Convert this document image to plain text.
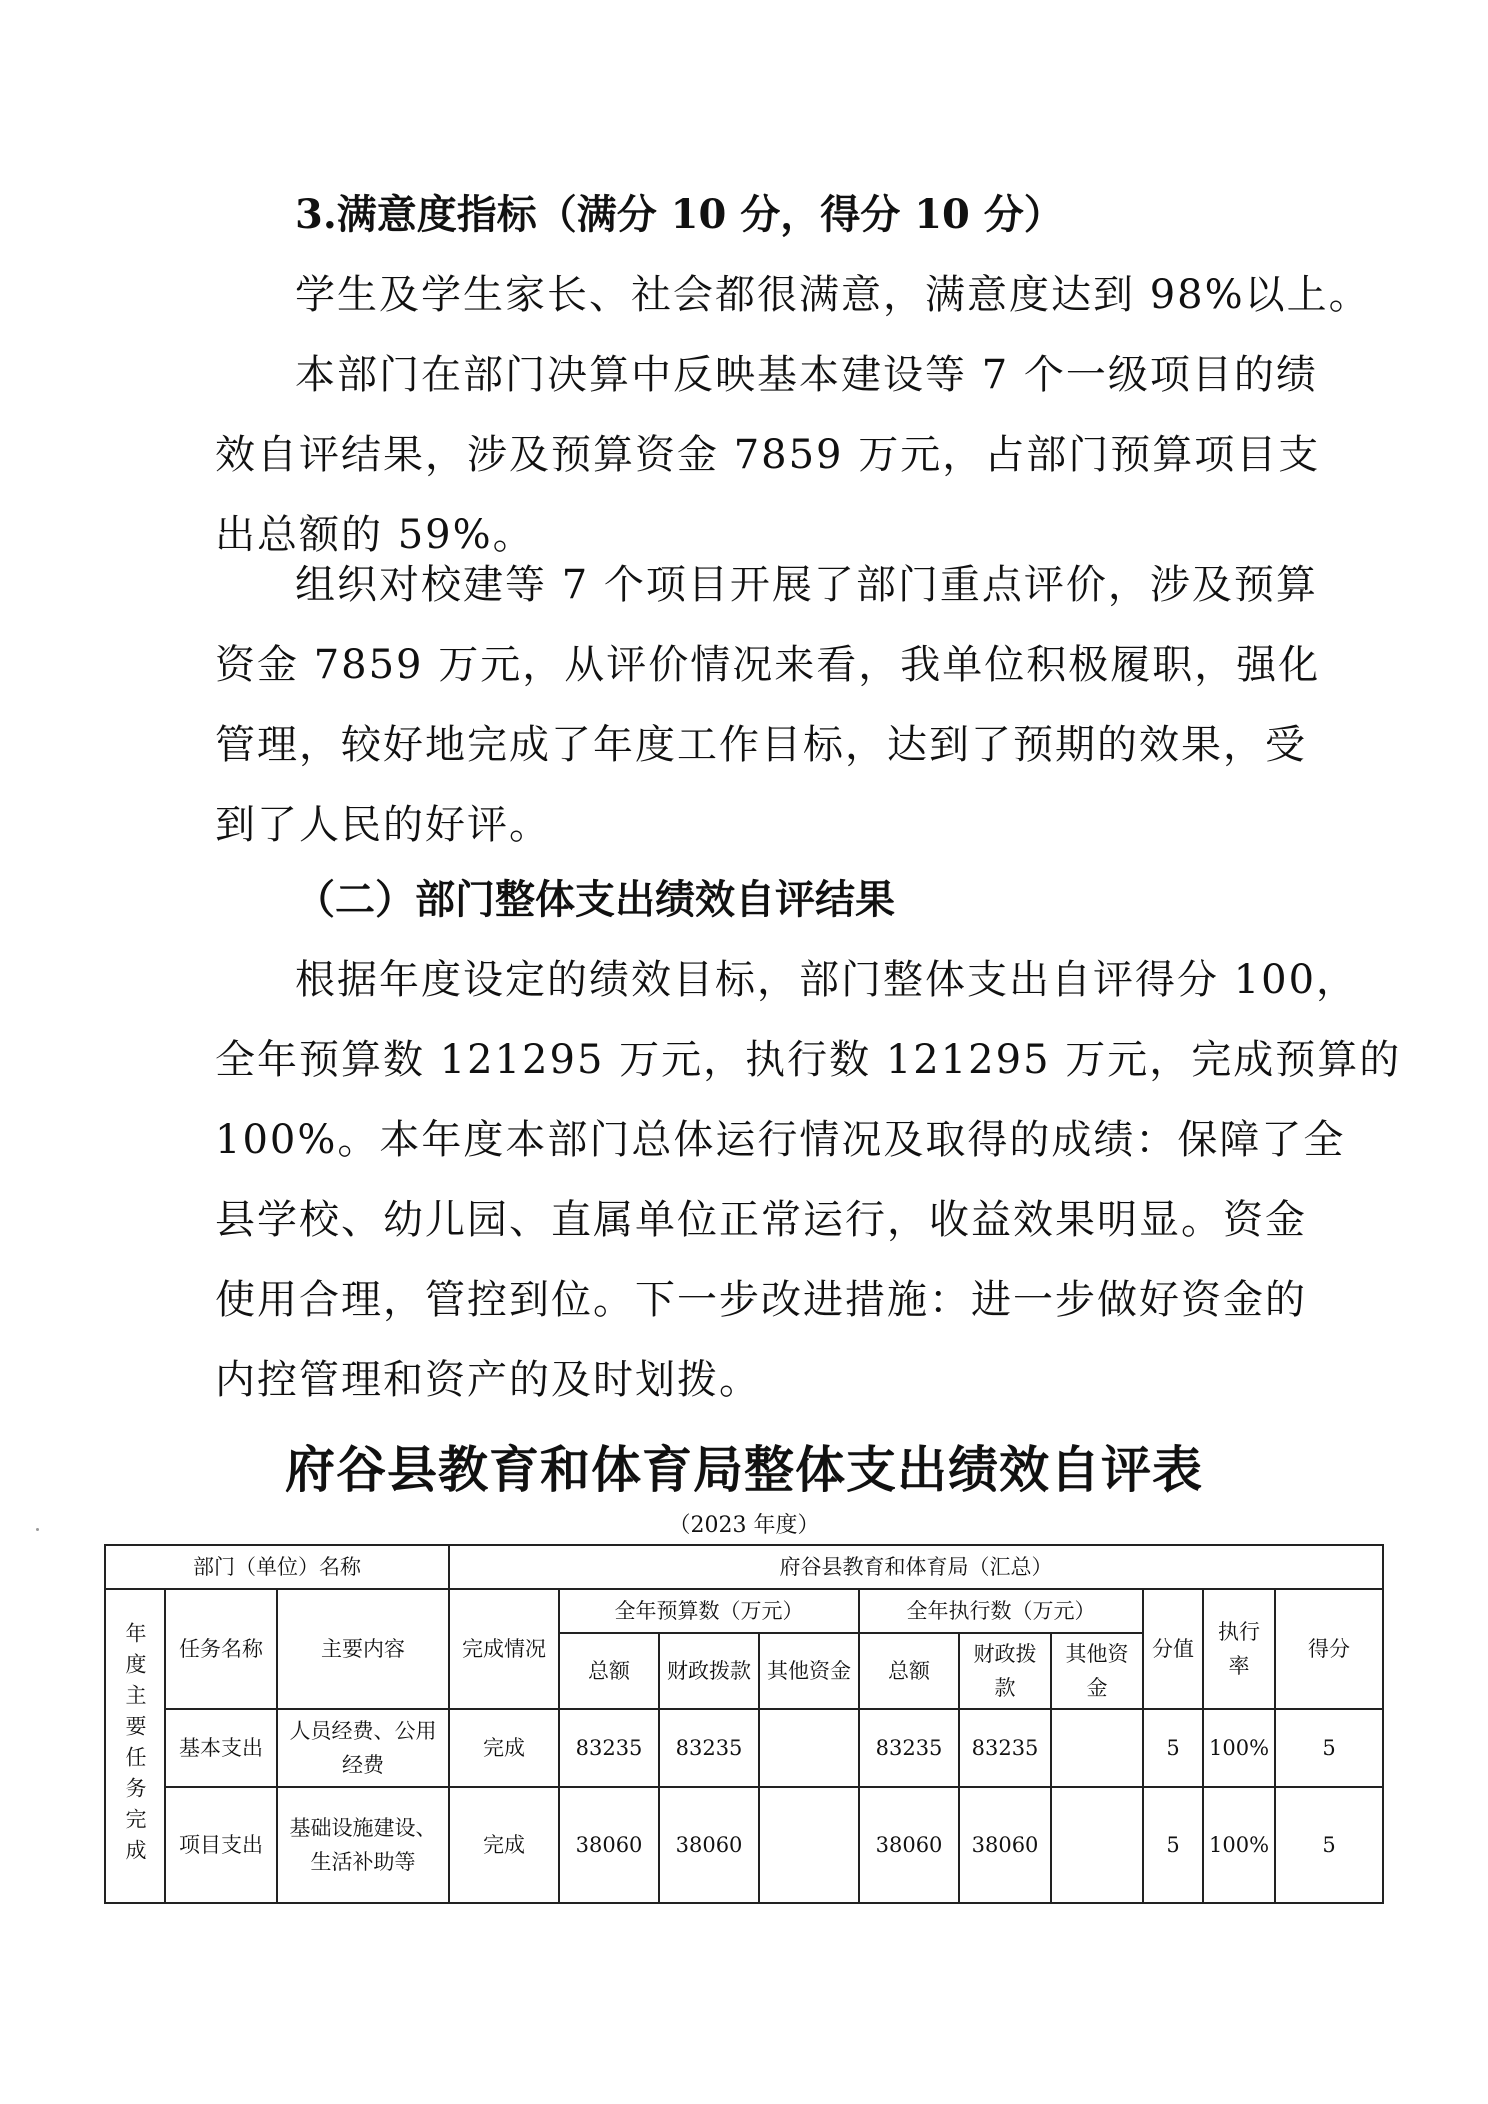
3.满意度指标（满分 10 分，得分 10 分）
学生及学生家长、社会都很满意，满意度达到 98%以上。
本部门在部门决算中反映基本建设等 7 个一级项目的绩
效自评结果，涉及预算资金 7859 万元，占部门预算项目支
出总额的 59%。
组织对校建等 7 个项目开展了部门重点评价，涉及预算
资金 7859 万元，从评价情况来看，我单位积极履职，强化
管理，较好地完成了年度工作目标，达到了预期的效果，受
到了人民的好评。
（二）部门整体支出绩效自评结果
根据年度设定的绩效目标，部门整体支出自评得分 100，
全年预算数 121295 万元，执行数 121295 万元，完成预算的
100%。本年度本部门总体运行情况及取得的成绩：保障了全
县学校、幼儿园、直属单位正常运行，收益效果明显。资金
使用合理，管控到位。下一步改进措施：进一步做好资金的
内控管理和资产的及时划拨。
府谷县教育和体育局整体支出绩效自评表
（2023 年度）
部门（单位）名称			府谷县教育和体育局（汇总）									

年度主要任务完成	任务名称	主要内容	完成情况	全年预算数（万元）			全年执行数（万元）			分值	执行率	得分
				总额	财政拨款	其他资金	总额	财政拨款	其他资金			
	基本支出	人员经费、公用经费	完成	83235	83235		83235	83235		5	100%	5
	项目支出	基础设施建设、生活补助等	完成	38060	38060		38060	38060		5	100%	5
